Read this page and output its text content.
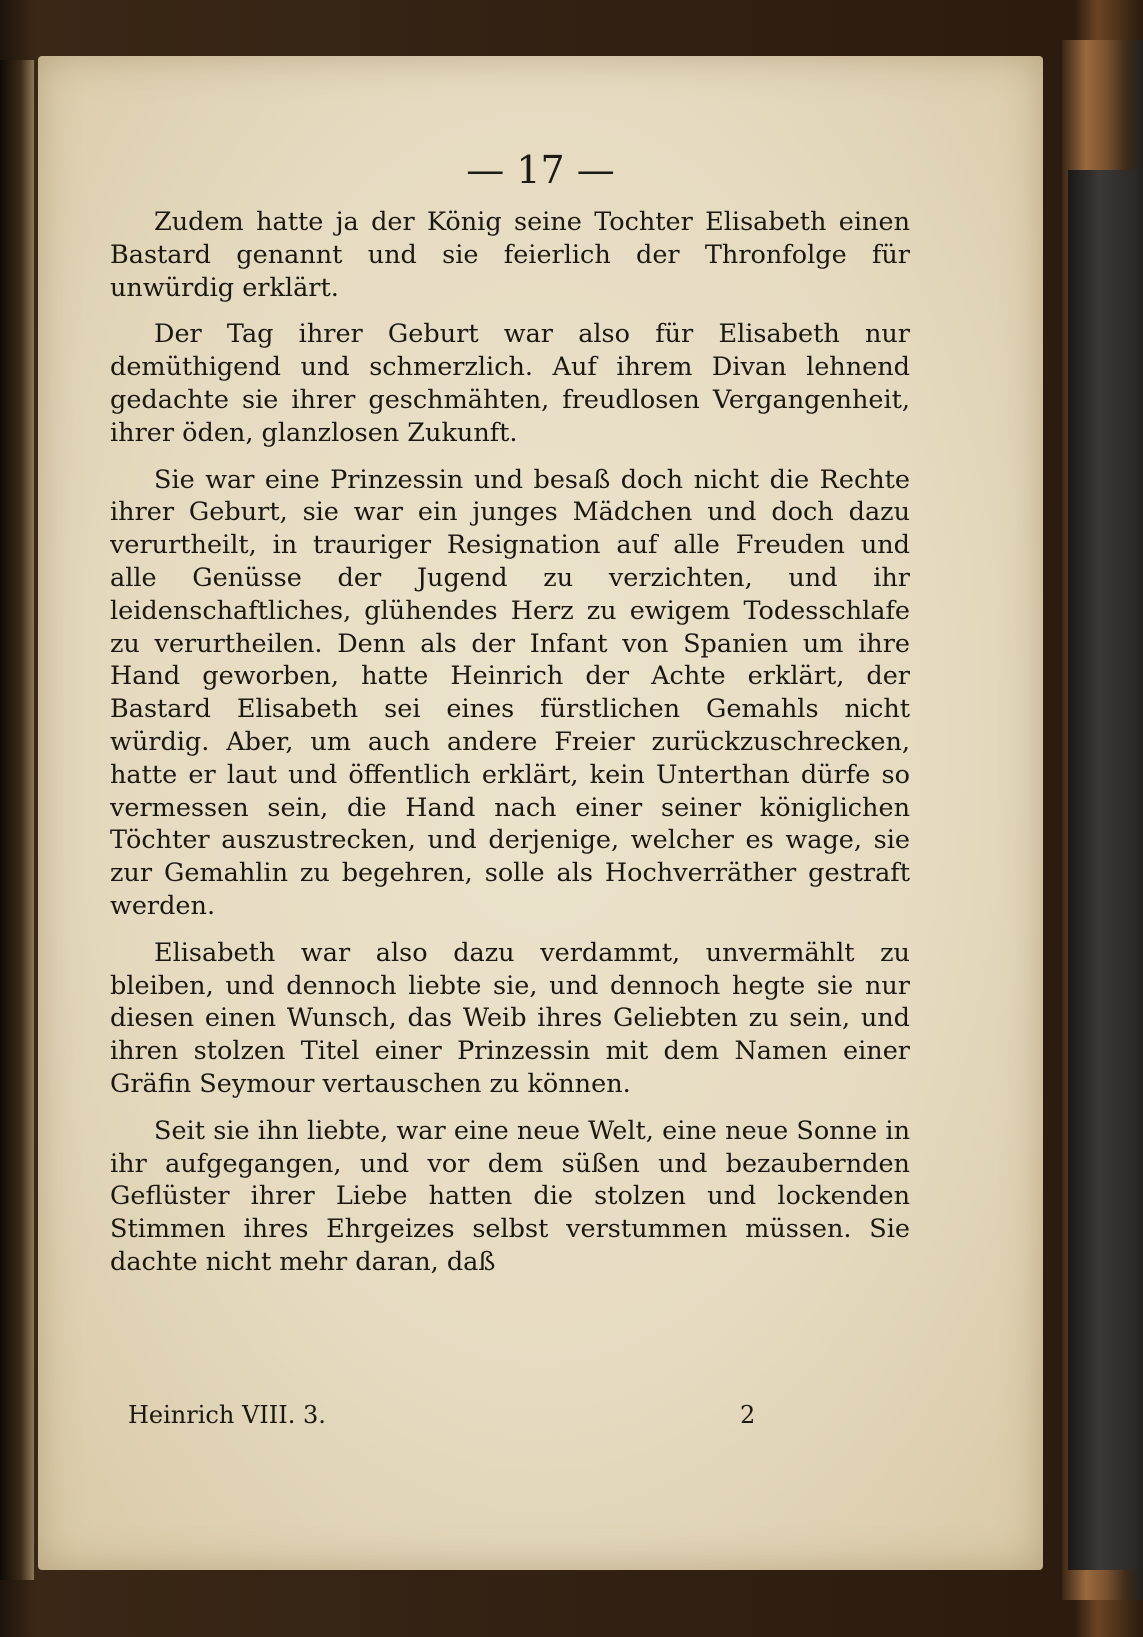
— 17 —

Zudem hatte ja der König seine Tochter Elisabeth einen Bastard genannt und sie feierlich der Thronfolge für unwürdig erklärt.

Der Tag ihrer Geburt war also für Elisabeth nur demüthigend und schmerzlich. Auf ihrem Divan lehnend gedachte sie ihrer geschmähten, freudlosen Vergangenheit, ihrer öden, glanzlosen Zukunft.

Sie war eine Prinzessin und besaß doch nicht die Rechte ihrer Geburt, sie war ein junges Mädchen und doch dazu verurtheilt, in trauriger Resignation auf alle Freuden und alle Genüsse der Jugend zu verzichten, und ihr leidenschaftliches, glühendes Herz zu ewigem Todesschlafe zu verurtheilen. Denn als der Infant von Spanien um ihre Hand geworben, hatte Heinrich der Achte erklärt, der Bastard Elisabeth sei eines fürstlichen Gemahls nicht würdig. Aber, um auch andere Freier zurückzuschrecken, hatte er laut und öffentlich erklärt, kein Unterthan dürfe so vermessen sein, die Hand nach einer seiner königlichen Töchter auszustrecken, und derjenige, welcher es wage, sie zur Gemahlin zu begehren, solle als Hochverräther gestraft werden.

Elisabeth war also dazu verdammt, unvermählt zu bleiben, und dennoch liebte sie, und dennoch hegte sie nur diesen einen Wunsch, das Weib ihres Geliebten zu sein, und ihren stolzen Titel einer Prinzessin mit dem Namen einer Gräfin Seymour vertauschen zu können.

Seit sie ihn liebte, war eine neue Welt, eine neue Sonne in ihr aufgegangen, und vor dem süßen und bezaubernden Geflüster ihrer Liebe hatten die stolzen und lockenden Stimmen ihres Ehrgeizes selbst verstummen müssen. Sie dachte nicht mehr daran, daß

Heinrich VIII. 3.	2
